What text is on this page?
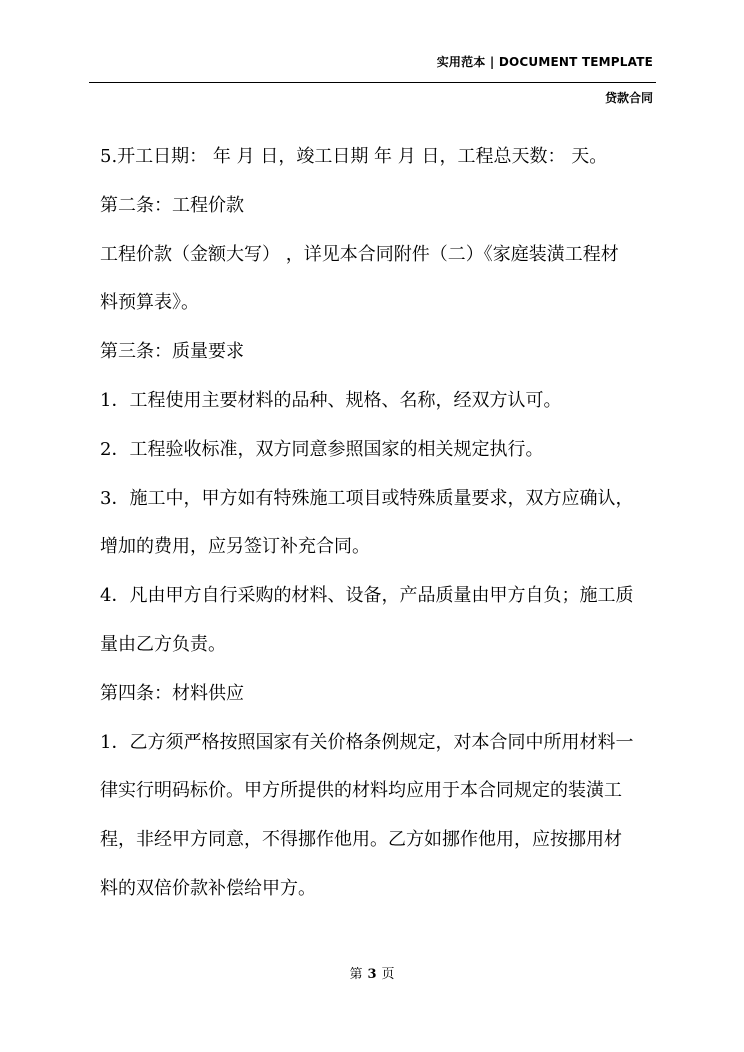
实用范本 | DOCUMENT TEMPLATE
贷款合同
5.开工日期： 年 月 日，竣工日期 年 月 日，工程总天数： 天。
第二条：工程价款
工程价款（金额大写） ，详见本合同附件（二）《家庭装潢工程材
料预算表》。
第三条：质量要求
1．工程使用主要材料的品种、规格、名称，经双方认可。
2．工程验收标准，双方同意参照国家的相关规定执行。
3．施工中，甲方如有特殊施工项目或特殊质量要求，双方应确认，
增加的费用，应另签订补充合同。
4．凡由甲方自行采购的材料、设备，产品质量由甲方自负；施工质
量由乙方负责。
第四条：材料供应
1．乙方须严格按照国家有关价格条例规定，对本合同中所用材料一
律实行明码标价。甲方所提供的材料均应用于本合同规定的装潢工
程，非经甲方同意，不得挪作他用。乙方如挪作他用，应按挪用材
料的双倍价款补偿给甲方。
第 3 页
